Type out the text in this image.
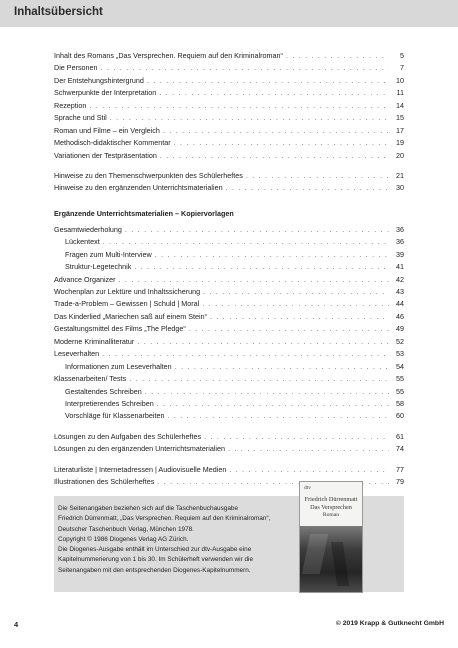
Inhaltsübersicht
Inhalt des Romans „Das Versprechen. Requiem auf den Kriminalroman“ . . .	5
Die Personen . . .	7
Der Entstehungshintergrund . . .	10
Schwerpunkte der Interpretation . . .	11
Rezeption . . .	14
Sprache und Stil . . .	15
Roman und Filme – ein Vergleich . . .	17
Methodisch-didaktischer Kommentar . . .	19
Variationen der Testpräsentation . . .	20
Hinweise zu den Themenschwerpunkten des Schülerheftes . . .	21
Hinweise zu den ergänzenden Unterrichtsmaterialien . . .	30
Ergänzende Unterrichtsmaterialien – Kopiervorlagen
Gesamtwiederholung . . .	36
Lückentext . . .	36
Fragen zum Multi-Interview . . .	39
Struktur-Legetechnik . . .	41
Advance Organizer . . .	42
Wochenplan zur Lektüre und Inhaltssicherung . . .	43
Trade-a-Problem – Gewissen | Schuld | Moral . . .	44
Das Kinderlied „Mariechen saß auf einem Stein“ . . .	46
Gestaltungsmittel des Films „The Pledge“ . . .	49
Moderne Kriminalliteratur . . .	52
Leseverhalten . . .	53
Informationen zum Leseverhalten . . .	54
Klassenarbeiten/ Tests . . .	55
Gestaltendes Schreiben . . .	55
Interpretierendes Schreiben . . .	58
Vorschläge für Klassenarbeiten . . .	60
Lösungen zu den Aufgaben des Schülerheftes . . .	61
Lösungen zu den ergänzenden Unterrichtsmaterialien . . .	74
Literaturliste | Internetadressen | Audiovisuelle Medien . . .	77
Illustrationen des Schülerheftes . . .	79
Die Seitenangaben beziehen sich auf die Taschenbuchausgabe
Friedrich Dürrenmatt, „Das Versprechen. Requiem auf den Kriminalroman“,
Deutscher Taschenbuch Verlag, München 1978.
Copyright © 1986 Diogenes Verlag AG Zürich.
Die Diogenes-Ausgabe enthält im Unterschied zur dtv-Ausgabe eine
Kapitelnummerierung von 1 bis 30. Im Schülerheft verwenden wir die
Seitenangaben mit den entsprechenden Diogenes-Kapitelnummern.
dtv
Friedrich Dürrenmatt
Das Versprechen
Roman
4	© 2019 Krapp & Gutknecht GmbH
